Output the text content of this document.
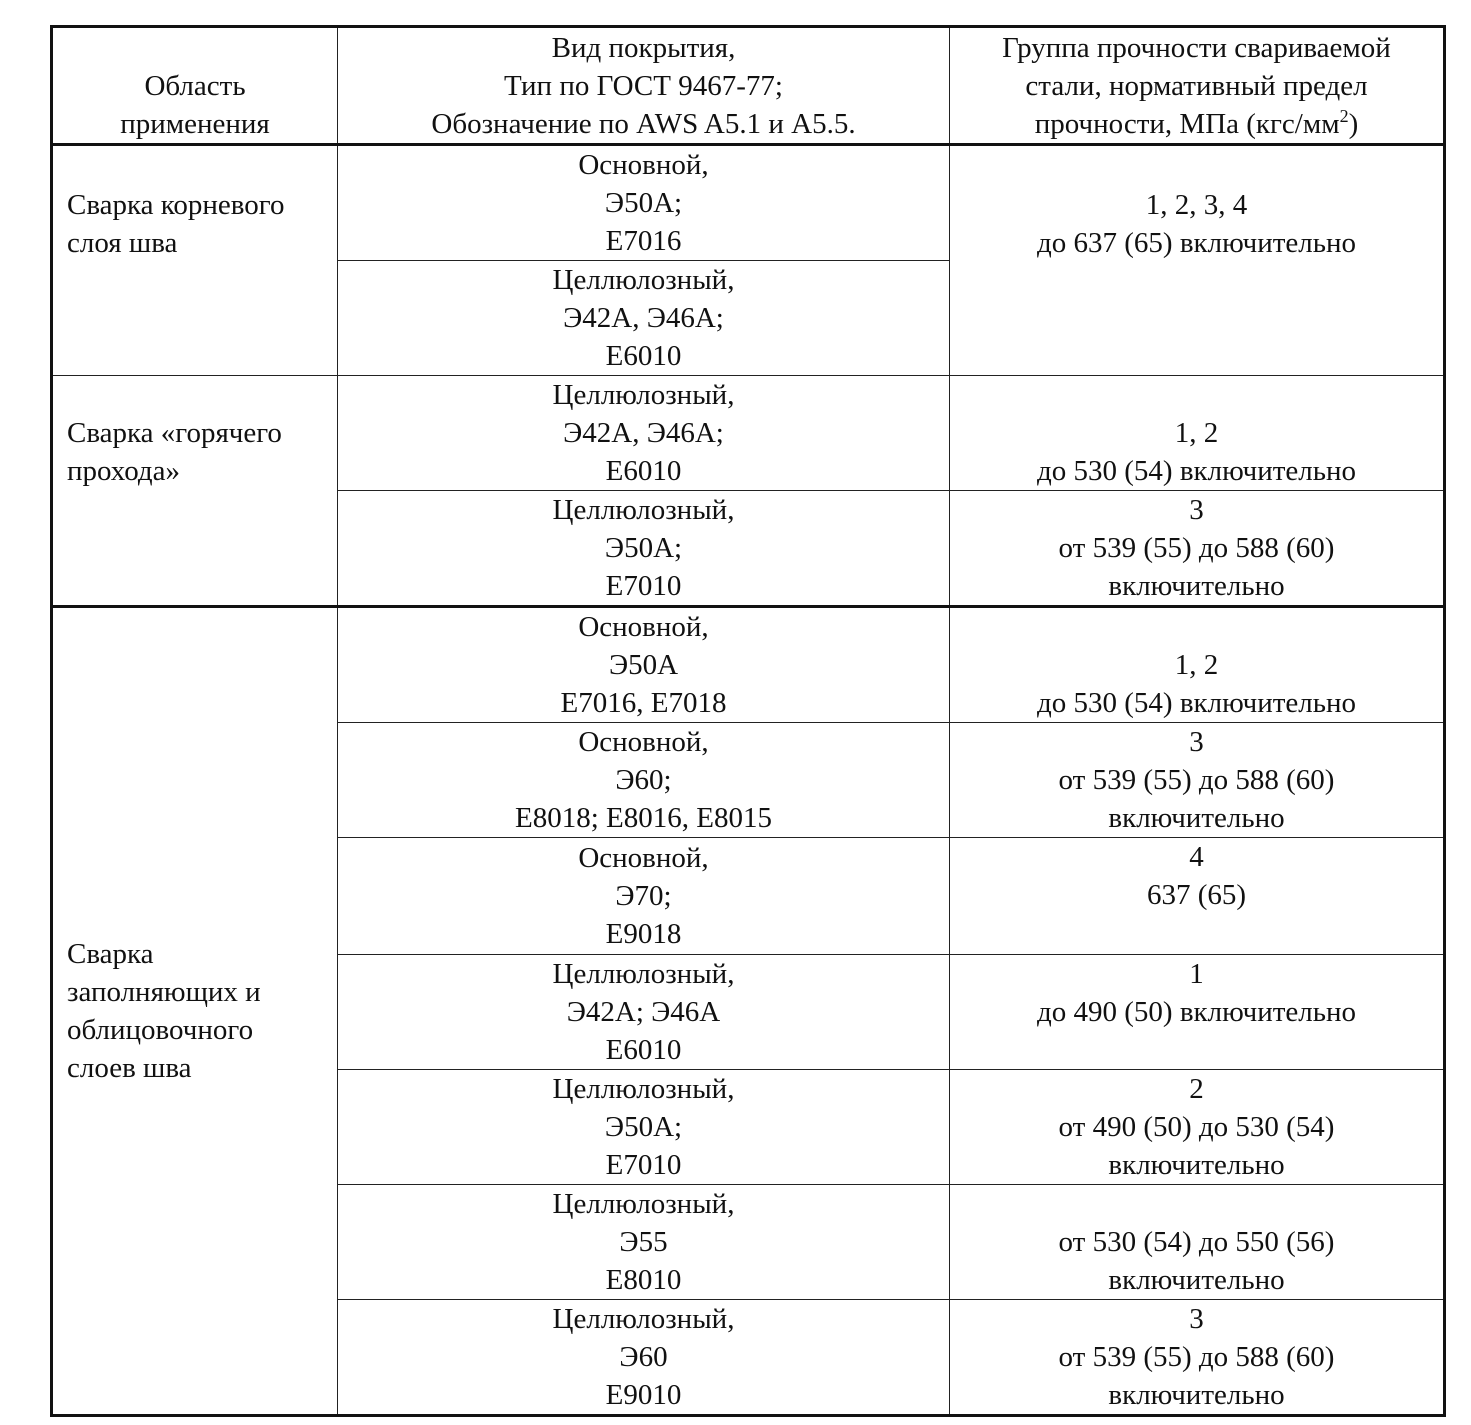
Область
применения	Вид покрытия,
Тип по ГОСТ 9467-77;
Обозначение по AWS A5.1 и A5.5.	Группа прочности свариваемой
стали, нормативный предел
прочности, МПа $(кгс/мм^2)$

Сварка корневого слоя шва	Основной,
Э50А;
Е7016	1, 2, 3, 4
до 637 (65) включительно

	Целлюлозный,
Э42А, Э46А;
Е6010	

Сварка «горячего прохода»	Целлюлозный,
Э42А, Э46А;
Е6010	1, 2
до 530 (54) включительно

	Целлюлозный,
Э50А;
Е7010	3
от 539 (55) до 588 (60)
включительно

Сварка
заполняющих и
облицовочного
слоев шва	Основной,
Э50А
Е7016, Е7018	1, 2
до 530 (54) включительно

	Основной,
Э60;
E8018; E8016, E8015	3
от 539 (55) до 588 (60)
включительно

	Основной,
Э70;
E9018	4
637 (65)

	Целлюлозный,
Э42А; Э46А
Е6010	1
до 490 (50) включительно

	Целлюлозный,
Э50А;
Е7010	2
от 490 (50) до 530 (54)
включительно

	Целлюлозный,
Э55
E8010	от 530 (54) до 550 (56)
включительно

	Целлюлозный,
Э60
E9010	3
от 539 (55) до 588 (60)
включительно
